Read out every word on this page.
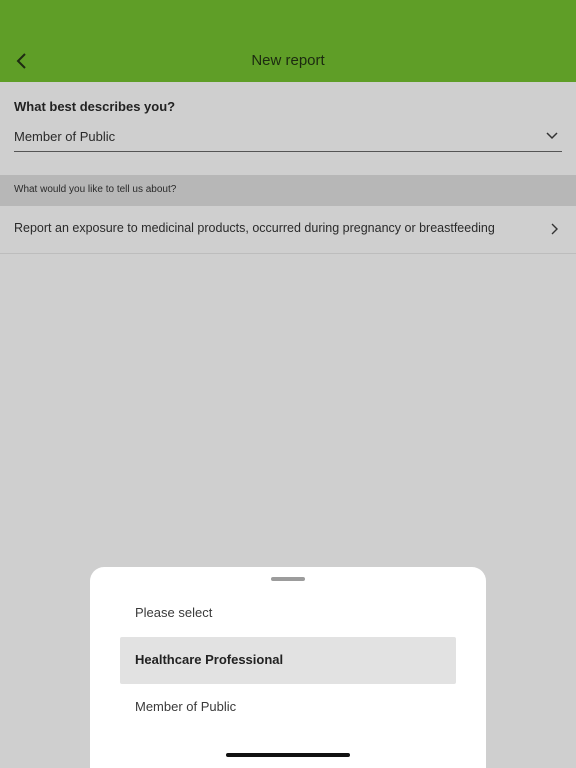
New report
What best describes you?
Member of Public
What would you like to tell us about?
Report an exposure to medicinal products, occurred during pregnancy or breastfeeding
Please select
Healthcare Professional
Member of Public
